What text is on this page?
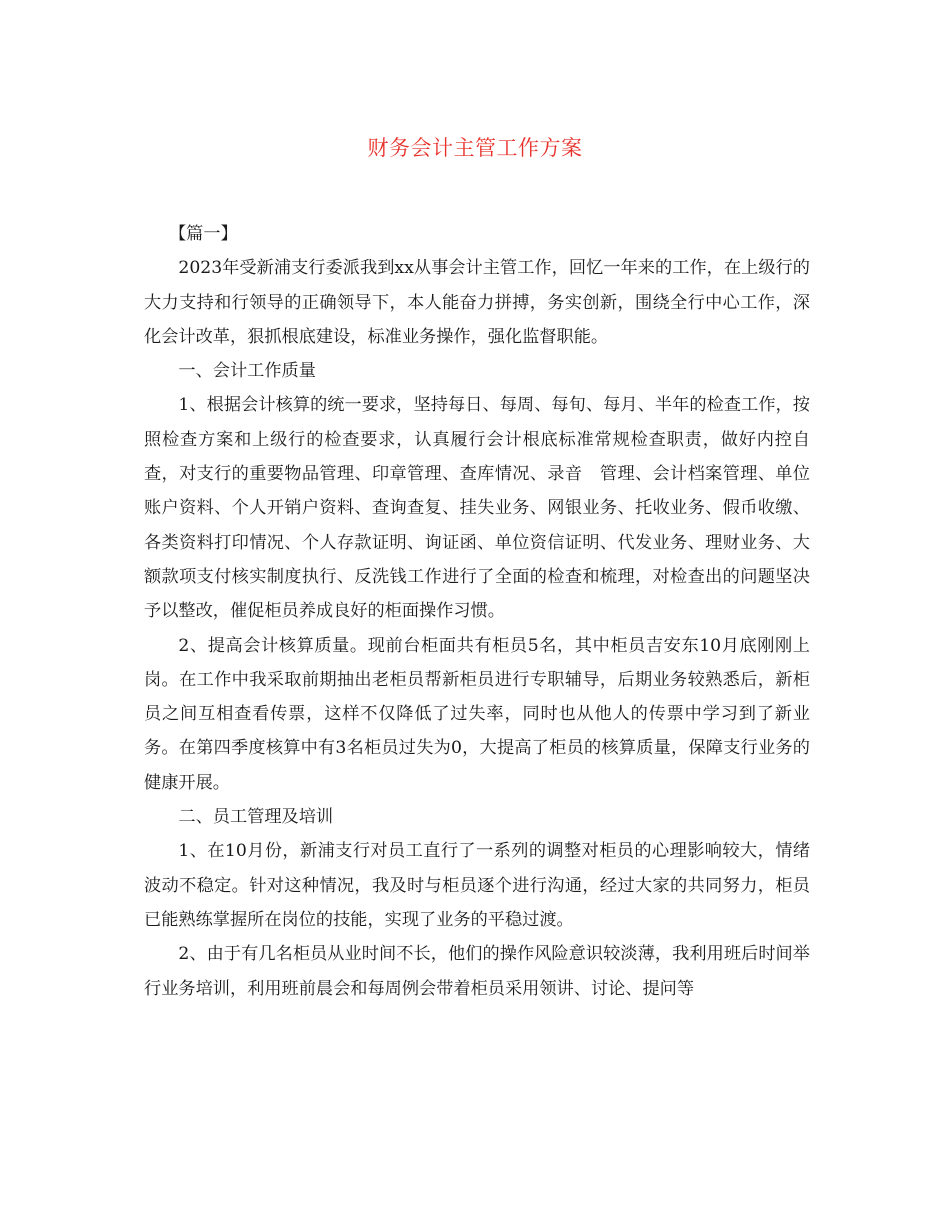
财务会计主管工作方案

【篇一】

2023年受新浦支行委派我到xx从事会计主管工作，回忆一年来的工作，在上级行的大力支持和行领导的正确领导下，本人能奋力拼搏，务实创新，围绕全行中心工作，深化会计改革，狠抓根底建设，标准业务操作，强化监督职能。

一、会计工作质量

1、根据会计核算的统一要求，坚持每日、每周、每旬、每月、半年的检查工作，按照检查方案和上级行的检查要求，认真履行会计根底标准常规检查职责，做好内控自查，对支行的重要物品管理、印章管理、查库情况、录音　管理、会计档案管理、单位账户资料、个人开销户资料、查询查复、挂失业务、网银业务、托收业务、假币收缴、各类资料打印情况、个人存款证明、询证函、单位资信证明、代发业务、理财业务、大额款项支付核实制度执行、反洗钱工作进行了全面的检查和梳理，对检查出的问题坚决予以整改，催促柜员养成良好的柜面操作习惯。

2、提高会计核算质量。现前台柜面共有柜员5名，其中柜员吉安东10月底刚刚上岗。在工作中我采取前期抽出老柜员帮新柜员进行专职辅导，后期业务较熟悉后，新柜员之间互相查看传票，这样不仅降低了过失率，同时也从他人的传票中学习到了新业务。在第四季度核算中有3名柜员过失为0，大提高了柜员的核算质量，保障支行业务的健康开展。

二、员工管理及培训

1、在10月份，新浦支行对员工直行了一系列的调整对柜员的心理影响较大，情绪波动不稳定。针对这种情况，我及时与柜员逐个进行沟通，经过大家的共同努力，柜员已能熟练掌握所在岗位的技能，实现了业务的平稳过渡。

2、由于有几名柜员从业时间不长，他们的操作风险意识较淡薄，我利用班后时间举行业务培训，利用班前晨会和每周例会带着柜员采用领讲、讨论、提问等
